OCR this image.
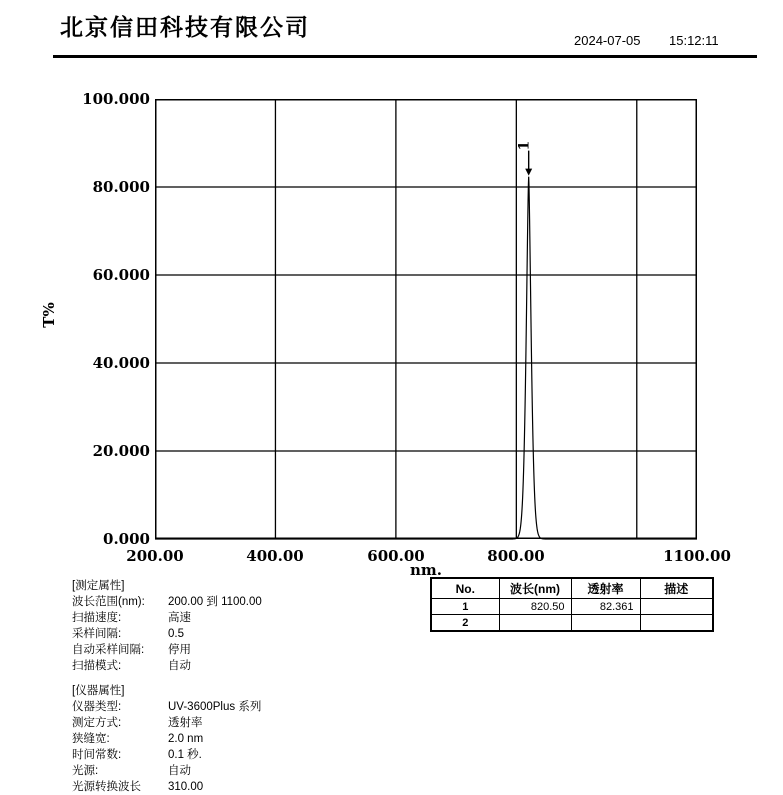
北京信田科技有限公司
2024-07-05 15:12:11
1
100.000
80.000
60.000
40.000
20.000
0.000
200.00	400.00	600.00	800.00	1100.00
nm.
T%
No.	波长(nm)	透射率	描述
1	820.50	82.361	
2			
[测定属性]
波长范围(nm): 200.00 到 1100.00
扫描速度:	高速
采样间隔:	0.5
自动采样间隔: 停用
扫描模式:	自动
[仪器属性]
仪器类型:	UV-3600Plus 系列
测定方式:	透射率
狭缝宽:	2.0 nm
时间常数:	0.1 秒.
光源:	自动
光源转换波长 310.00
